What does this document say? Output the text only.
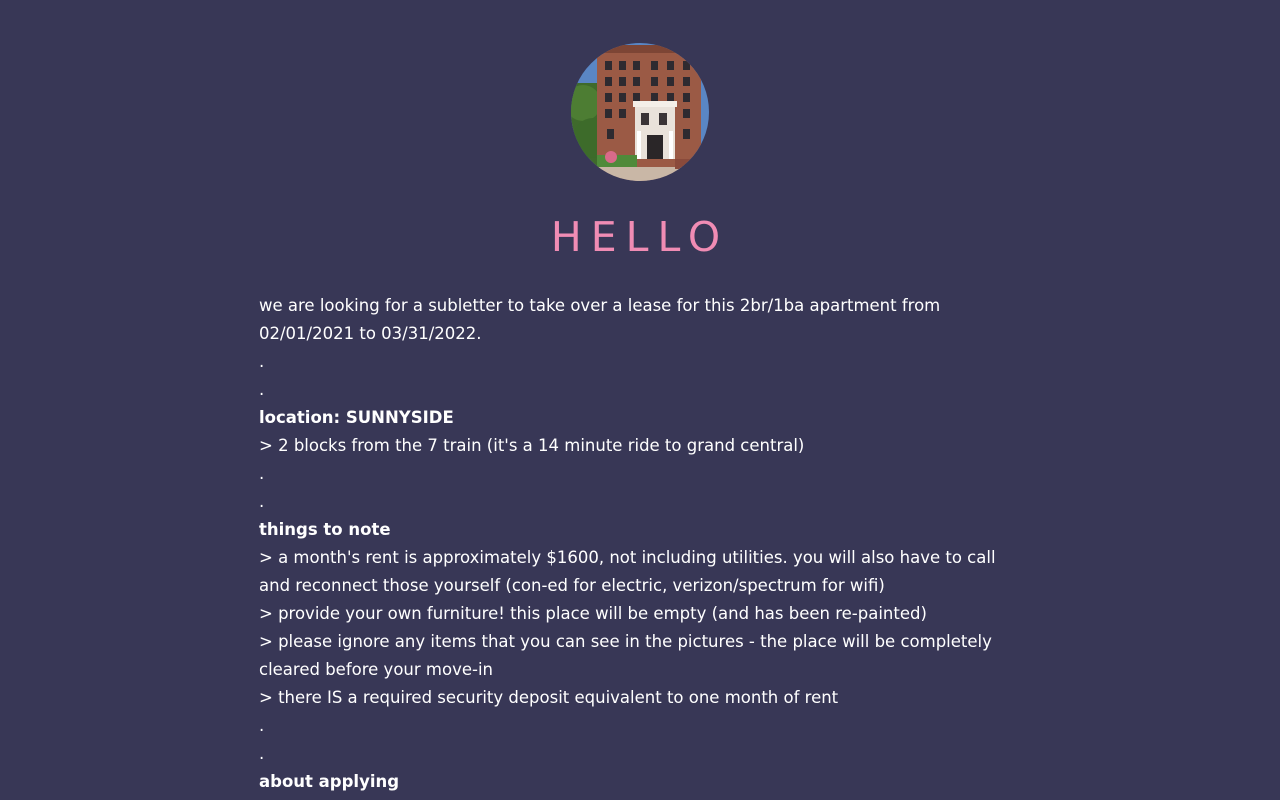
HELLO

we are looking for a subletter to take over a lease for this 2br/1ba apartment from 02/01/2021 to 03/31/2022.

.

.

location: SUNNYSIDE

> 2 blocks from the 7 train (it's a 14 minute ride to grand central)

.

.

things to note

> a month's rent is approximately $1600, not including utilities. you will also have to call and reconnect those yourself (con-ed for electric, verizon/spectrum for wifi)

> provide your own furniture! this place will be empty (and has been re-painted)

> please ignore any items that you can see in the pictures - the place will be completely cleared before your move-in

> there IS a required security deposit equivalent to one month of rent

.

.

about applying
